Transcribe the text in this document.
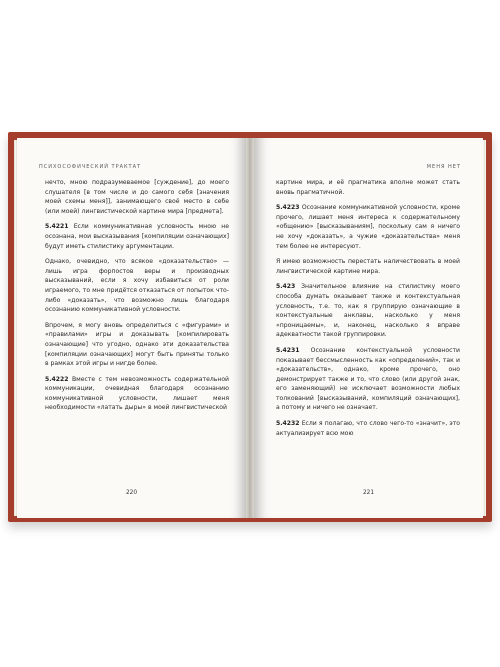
ПСИХОСОФИЧЕСКИЙ ТРАКТАТ

нечто, мною подразумеваемое [суждение], до моего слушателя [в том числе и до самого себя [значения моей схемы меня]], занимающего своё место в себе (или моей) лингвистической картине мира [предмета].

5.4221 Если коммуникативная условность мною не осознана, мои высказывания [компиляции означающих] будут иметь стилистику аргументации.

Однако, очевидно, что всякое «доказательство» — лишь игра форпостов веры и производных высказываний, если я хочу избавиться от роли играемого, то мне придётся отказаться от попыток что-либо «доказать», что возможно лишь благодаря осознанию коммуникативной условности.

Впрочем, я могу вновь определиться с «фигурами» и «правилами» игры и доказывать [компилировать означающие] что угодно, однако эти доказательства [компиляции означающих] могут быть приняты только в рамках этой игры и нигде более.

5.4222 Вместе с тем невозможность содержательной коммуникации, очевидная благодаря осознанию коммуникативной условности, лишает меня необходимости «латать дыры» в моей лингвистической

220
МЕНЯ НЕТ

картине мира, и её прагматика вполне может стать вновь прагматичной.

5.4223 Осознание коммуникативной условности, кроме прочего, лишает меня интереса к содержательному «общению» [высказываниям], поскольку сам я ничего не хочу «доказать», а чужие «доказательства» меня тем более не интересуют.

Я имею возможность перестать наличествовать в моей лингвистической картине мира.

5.423 Значительное влияние на стилистику моего способа думать оказывает также и контекстуальная условность, т.е. то, как я группирую означающие в контекстуальные анклавы, насколько у меня «проницаемы», и, наконец, насколько я вправе адекватности такой группировки.

5.4231 Осознание контекстуальной условности показывает бессмысленность как «определений», так и «доказательств», однако, кроме прочего, оно демонстрирует также и то, что слово (или другой знак, его заменяющий) не исключает возможности любых толкований [высказываний, компиляций означающих], а потому и ничего не означает.

5.4232 Если я полагаю, что слово чего-то «значит», это актуализирует всю мою

221
